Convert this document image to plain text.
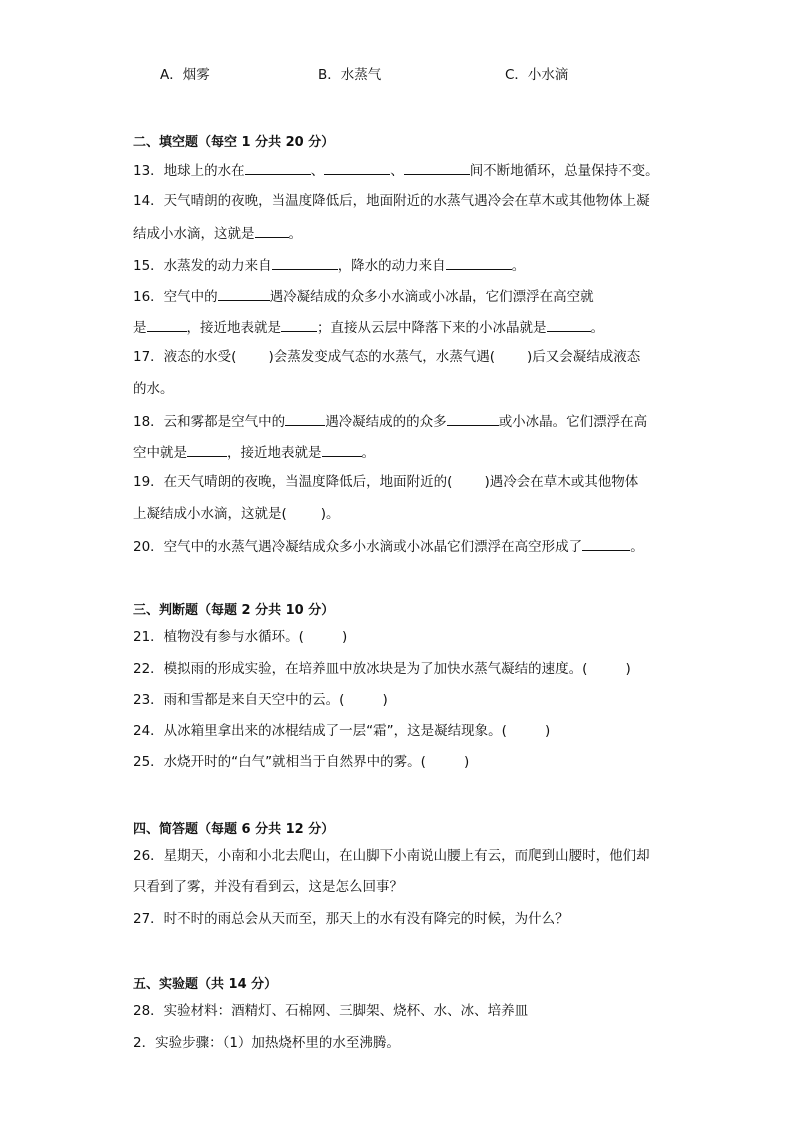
A．烟雾	B．水蒸气	C．小水滴
二、填空题（每空 1 分共 20 分）
13．地球上的水在	、	、	间不断地循环，总量保持不变。
14．天气晴朗的夜晚，当温度降低后，地面附近的水蒸气遇冷会在草木或其他物体上凝
结成小水滴，这就是	。
15．水蒸发的动力来自	，降水的动力来自	。
16．空气中的	遇冷凝结成的众多小水滴或小冰晶，它们漂浮在高空就
是	，接近地表就是	；直接从云层中降落下来的小冰晶就是	。
17．液态的水受( )会蒸发变成气态的水蒸气，水蒸气遇( )后又会凝结成液态
的水。
18．云和雾都是空气中的	遇冷凝结成的的众多	或小冰晶。它们漂浮在高
空中就是	，接近地表就是	。
19．在天气晴朗的夜晚，当温度降低后，地面附近的( )遇冷会在草木或其他物体
上凝结成小水滴，这就是(	)。
20．空气中的水蒸气遇冷凝结成众多小水滴或小冰晶它们漂浮在高空形成了	。
三、判断题（每题 2 分共 10 分）
21．植物没有参与水循环。(	)
22．模拟雨的形成实验，在培养皿中放冰块是为了加快水蒸气凝结的速度。(	)
23．雨和雪都是来自天空中的云。(	)
24．从冰箱里拿出来的冰棍结成了一层“霜”，这是凝结现象。(	)
25．水烧开时的“白气”就相当于自然界中的雾。(	)
四、简答题（每题 6 分共 12 分）
26．星期天，小南和小北去爬山，在山脚下小南说山腰上有云，而爬到山腰时，他们却
只看到了雾，并没有看到云，这是怎么回事？
27．时不时的雨总会从天而至，那天上的水有没有降完的时候，为什么？
五、实验题（共 14 分）
28．实验材料：酒精灯、石棉网、三脚架、烧杯、水、冰、培养皿
2．实验步骤：（1）加热烧杯里的水至沸腾。
